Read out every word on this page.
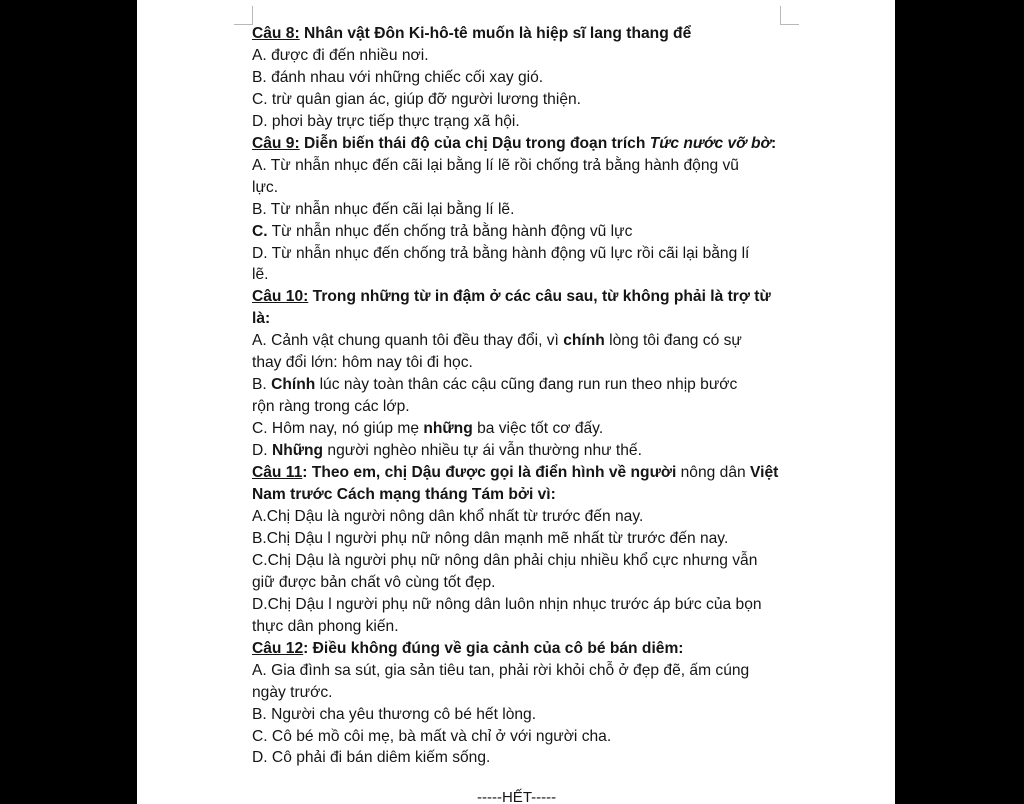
Câu 8: Nhân vật Đôn Ki-hô-tê muốn là hiệp sĩ lang thang để
A. được đi đến nhiều nơi.
B. đánh nhau với những chiếc cối xay gió.
C. trừ quân gian ác, giúp đỡ người lương thiện.
D. phơi bày trực tiếp thực trạng xã hội.
Câu 9: Diễn biến thái độ của chị Dậu trong đoạn trích Tức nước vỡ bờ:
A. Từ nhẫn nhục đến cãi lại bằng lí lẽ rồi chống trả bằng hành động vũ
lực.
B. Từ nhẫn nhục đến cãi lại bằng lí lẽ.
C. Từ nhẫn nhục đến chống trả bằng hành động vũ lực
D. Từ nhẫn nhục đến chống trả bằng hành động vũ lực rồi cãi lại bằng lí
lẽ.
Câu 10: Trong những từ in đậm ở các câu sau, từ không phải là trợ từ
là:
A. Cảnh vật chung quanh tôi đều thay đổi, vì chính lòng tôi đang có sự
thay đổi lớn: hôm nay tôi đi học.
B. Chính lúc này toàn thân các cậu cũng đang run run theo nhịp bước
rộn ràng trong các lớp.
C. Hôm nay, nó giúp mẹ những ba việc tốt cơ đấy.
D. Những người nghèo nhiều tự ái vẫn thường như thế.
Câu 11: Theo em, chị Dậu được gọi là điển hình về người nông dân Việt
Nam trước Cách mạng tháng Tám bởi vì:
A.Chị Dậu là người nông dân khổ nhất từ trước đến nay.
B.Chị Dậu l người phụ nữ nông dân mạnh mẽ nhất từ trước đến nay.
C.Chị Dậu là người phụ nữ nông dân phải chịu nhiều khổ cực nhưng vẫn
giữ được bản chất vô cùng tốt đẹp.
D.Chị Dậu l người phụ nữ nông dân luôn nhịn nhục trước áp bức của bọn
thực dân phong kiến.
Câu 12: Điều không đúng về gia cảnh của cô bé bán diêm:
A. Gia đình sa sút, gia sản tiêu tan, phải rời khỏi chỗ ở đẹp đẽ, ấm cúng
ngày trước.
B. Người cha yêu thương cô bé hết lòng.
C. Cô bé mồ côi mẹ, bà mất và chỉ ở với người cha.
D. Cô phải đi bán diêm kiếm sống.
-----HẾT-----
